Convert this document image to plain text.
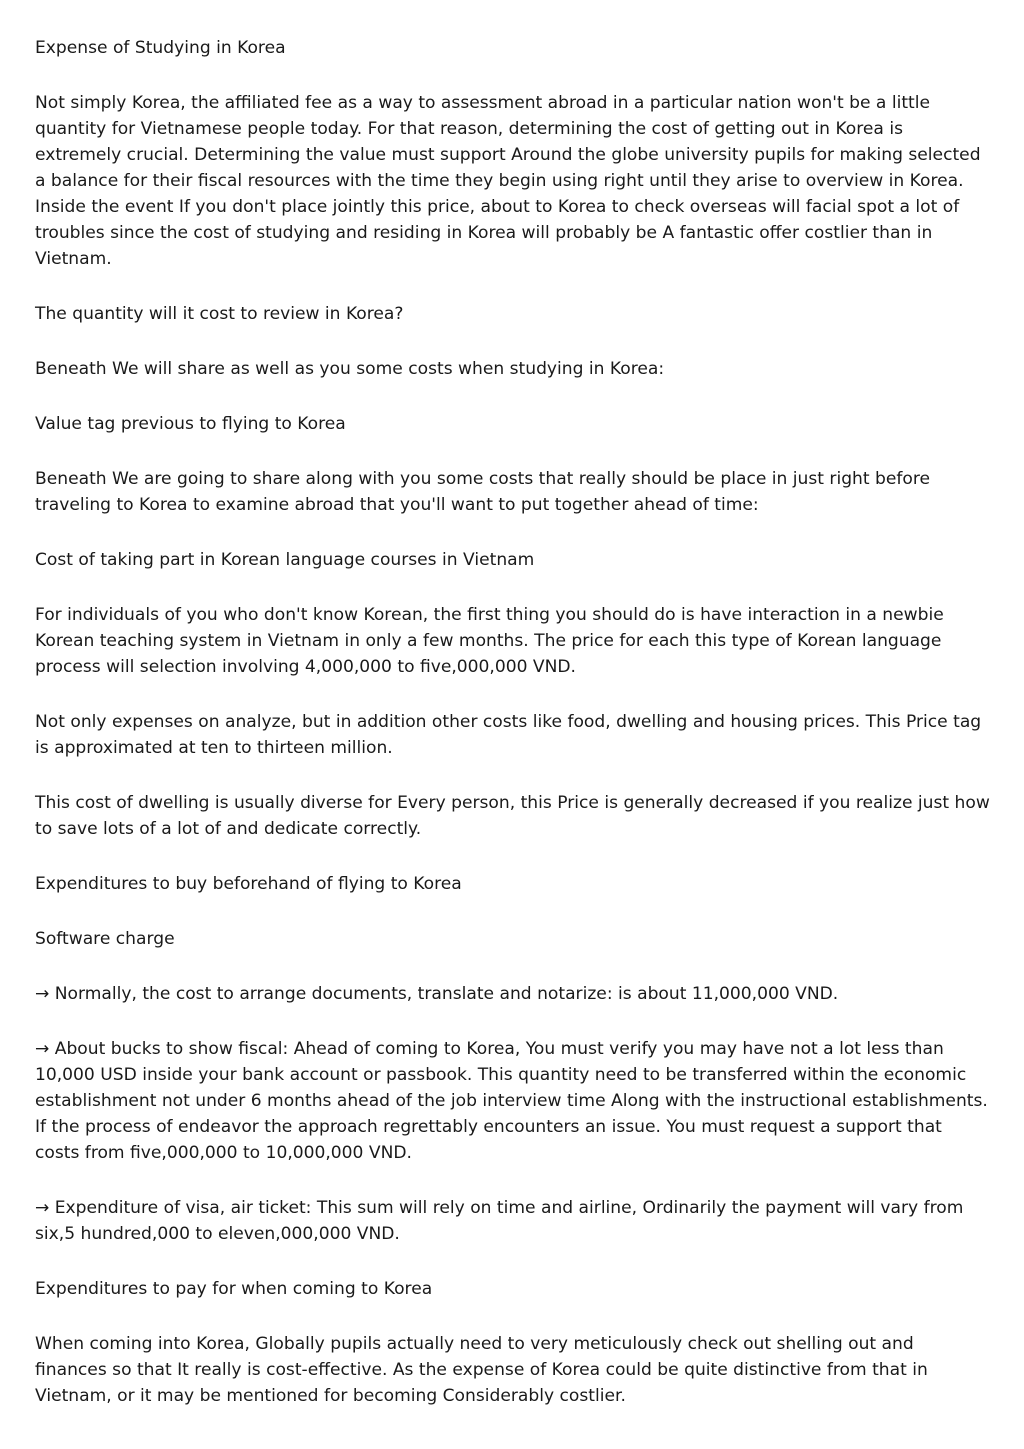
Expense of Studying in Korea

Not simply Korea, the affiliated fee as a way to assessment abroad in a particular nation won't be a little quantity for Vietnamese people today. For that reason, determining the cost of getting out in Korea is extremely crucial. Determining the value must support Around the globe university pupils for making selected a balance for their fiscal resources with the time they begin using right until they arise to overview in Korea. Inside the event If you don't place jointly this price, about to Korea to check overseas will facial spot a lot of troubles since the cost of studying and residing in Korea will probably be A fantastic offer costlier than in Vietnam.

The quantity will it cost to review in Korea?

Beneath We will share as well as you some costs when studying in Korea:

Value tag previous to flying to Korea

Beneath We are going to share along with you some costs that really should be place in just right before traveling to Korea to examine abroad that you'll want to put together ahead of time:

Cost of taking part in Korean language courses in Vietnam

For individuals of you who don't know Korean, the first thing you should do is have interaction in a newbie Korean teaching system in Vietnam in only a few months. The price for each this type of Korean language process will selection involving 4,000,000 to five,000,000 VND.

Not only expenses on analyze, but in addition other costs like food, dwelling and housing prices. This Price tag is approximated at ten to thirteen million.

This cost of dwelling is usually diverse for Every person, this Price is generally decreased if you realize just how to save lots of a lot of and dedicate correctly.

Expenditures to buy beforehand of flying to Korea

Software charge

→ Normally, the cost to arrange documents, translate and notarize: is about 11,000,000 VND.

→ About bucks to show fiscal: Ahead of coming to Korea, You must verify you may have not a lot less than 10,000 USD inside your bank account or passbook. This quantity need to be transferred within the economic establishment not under 6 months ahead of the job interview time Along with the instructional establishments. If the process of endeavor the approach regrettably encounters an issue. You must request a support that costs from five,000,000 to 10,000,000 VND.

→ Expenditure of visa, air ticket: This sum will rely on time and airline, Ordinarily the payment will vary from six,5 hundred,000 to eleven,000,000 VND.

Expenditures to pay for when coming to Korea

When coming into Korea, Globally pupils actually need to very meticulously check out shelling out and finances so that It really is cost-effective. As the expense of Korea could be quite distinctive from that in Vietnam, or it may be mentioned for becoming Considerably costlier.
